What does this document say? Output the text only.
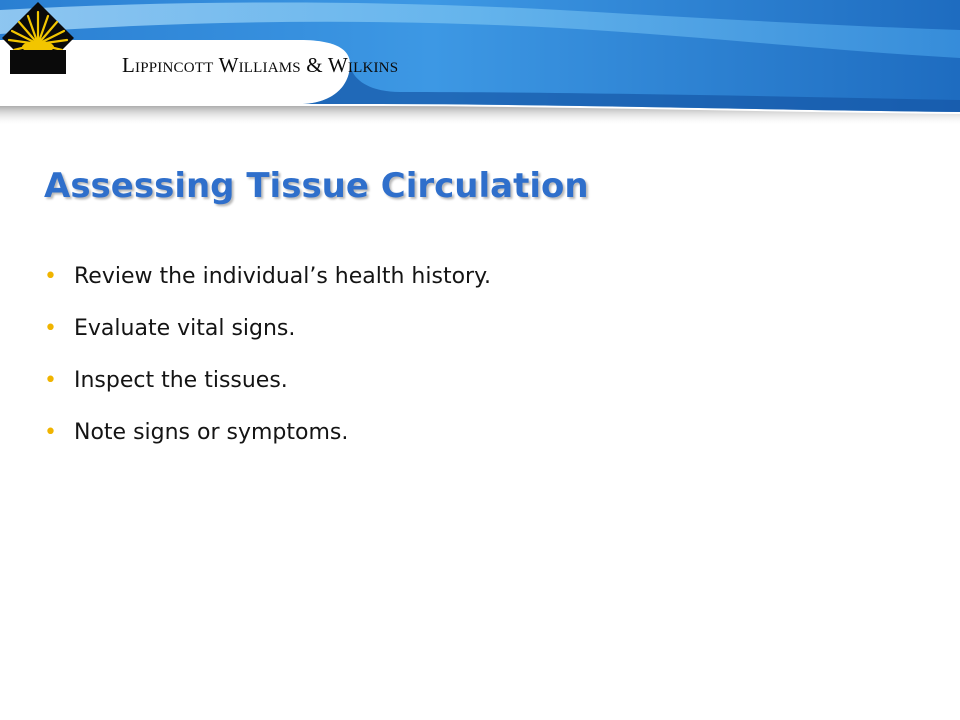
Lippincott Williams & Wilkins
Assessing Tissue Circulation
• Review the individual’s health history.
• Evaluate vital signs.
• Inspect the tissues.
• Note signs or symptoms.
